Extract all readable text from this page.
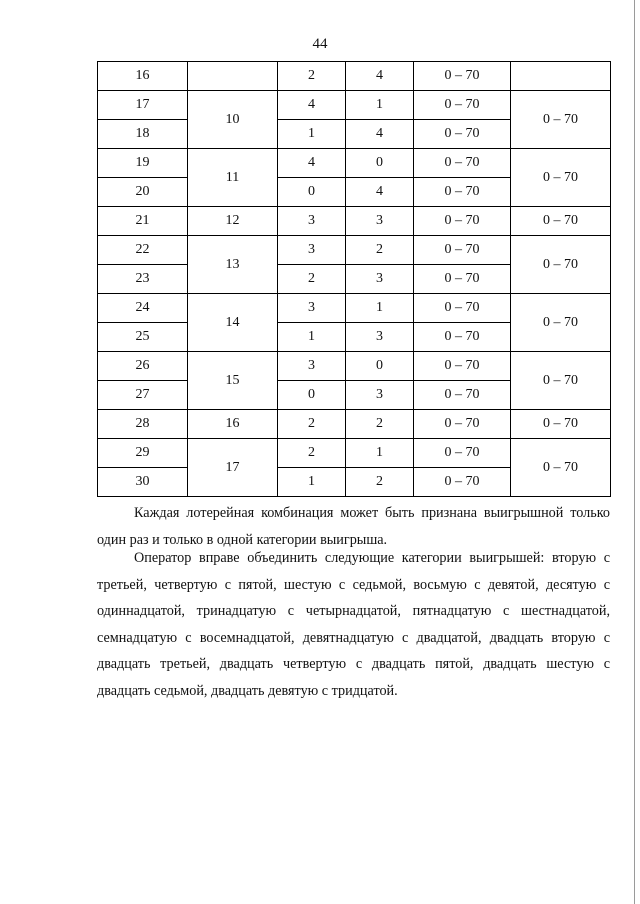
44
16		2	4	0 – 70	
17	10	4	1	0 – 70	0 – 70
18		1	4	0 – 70	
19	11	4	0	0 – 70	0 – 70
20		0	4	0 – 70	
21	12	3	3	0 – 70	0 – 70
22	13	3	2	0 – 70	0 – 70
23		2	3	0 – 70	
24	14	3	1	0 – 70	0 – 70
25		1	3	0 – 70	
26	15	3	0	0 – 70	0 – 70
27		0	3	0 – 70	
28	16	2	2	0 – 70	0 – 70
29	17	2	1	0 – 70	0 – 70
30		1	2	0 – 70	

Каждая лотерейная комбинация может быть признана выигрышной только один раз и только в одной категории выигрыша.

Оператор вправе объединить следующие категории выигрышей: вторую с третьей, четвертую с пятой, шестую с седьмой, восьмую с девятой, десятую с одиннадцатой, тринадцатую с четырнадцатой, пятнадцатую с шестнадцатой, семнадцатую с восемнадцатой, девятнадцатую с двадцатой, двадцать вторую с двадцать третьей, двадцать четвертую с двадцать пятой, двадцать шестую с двадцать седьмой, двадцать девятую с тридцатой.
